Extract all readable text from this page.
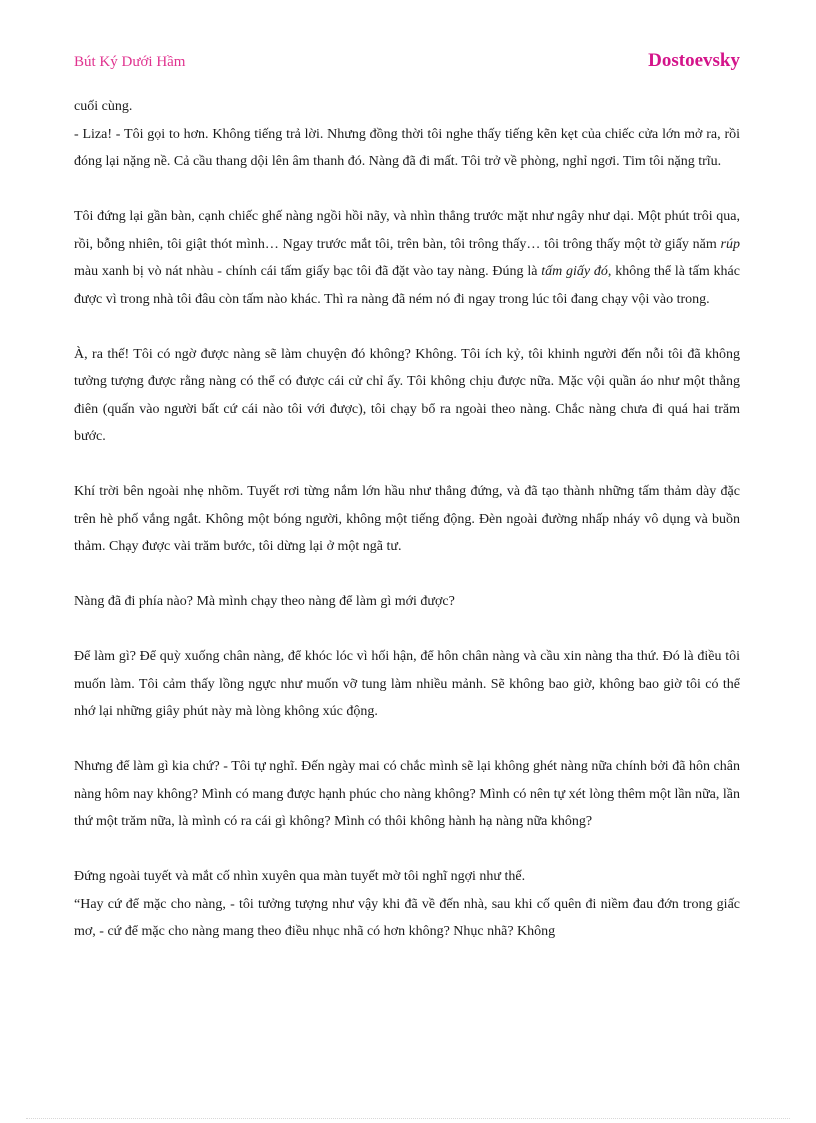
Bút Ký Dưới Hầm	Dostoevsky

cuối cùng.

- Liza! - Tôi gọi to hơn. Không tiếng trả lời. Nhưng đồng thời tôi nghe thấy tiếng kẽn kẹt của chiếc cửa lớn mở ra, rồi đóng lại nặng nề. Cả cầu thang dội lên âm thanh đó. Nàng đã đi mất. Tôi trở về phòng, nghỉ ngơi. Tim tôi nặng trĩu.

Tôi đứng lại gần bàn, cạnh chiếc ghế nàng ngồi hồi nãy, và nhìn thẳng trước mặt như ngây như dại. Một phút trôi qua, rồi, bỗng nhiên, tôi giật thót mình… Ngay trước mắt tôi, trên bàn, tôi trông thấy… tôi trông thấy một tờ giấy năm rúp màu xanh bị vò nát nhàu - chính cái tấm giấy bạc tôi đã đặt vào tay nàng. Đúng là tấm giấy đó, không thể là tấm khác được vì trong nhà tôi đâu còn tấm nào khác. Thì ra nàng đã ném nó đi ngay trong lúc tôi đang chạy vội vào trong.

À, ra thế! Tôi có ngờ được nàng sẽ làm chuyện đó không? Không. Tôi ích kỷ, tôi khinh người đến nỗi tôi đã không tưởng tượng được rằng nàng có thể có được cái cử chỉ ấy. Tôi không chịu được nữa. Mặc vội quần áo như một thằng điên (quấn vào người bất cứ cái nào tôi với được), tôi chạy bổ ra ngoài theo nàng. Chắc nàng chưa đi quá hai trăm bước.

Khí trời bên ngoài nhẹ nhõm. Tuyết rơi từng nắm lớn hầu như thẳng đứng, và đã tạo thành những tấm thảm dày đặc trên hè phố vắng ngắt. Không một bóng người, không một tiếng động. Đèn ngoài đường nhấp nháy vô dụng và buồn thảm. Chạy được vài trăm bước, tôi dừng lại ở một ngã tư.

Nàng đã đi phía nào? Mà mình chạy theo nàng để làm gì mới được?

Để làm gì? Để quỳ xuống chân nàng, để khóc lóc vì hối hận, để hôn chân nàng và cầu xin nàng tha thứ. Đó là điều tôi muốn làm. Tôi cảm thấy lồng ngực như muốn vỡ tung làm nhiều mảnh. Sẽ không bao giờ, không bao giờ tôi có thể nhớ lại những giây phút này mà lòng không xúc động.

Nhưng để làm gì kia chứ? - Tôi tự nghĩ. Đến ngày mai có chắc mình sẽ lại không ghét nàng nữa chính bởi đã hôn chân nàng hôm nay không? Mình có mang được hạnh phúc cho nàng không? Mình có nên tự xét lòng thêm một lần nữa, lần thứ một trăm nữa, là mình có ra cái gì không? Mình có thôi không hành hạ nàng nữa không?

Đứng ngoài tuyết và mắt cố nhìn xuyên qua màn tuyết mờ tôi nghĩ ngợi như thế.

“Hay cứ để mặc cho nàng, - tôi tưởng tượng như vậy khi đã về đến nhà, sau khi cố quên đi niềm đau đớn trong giấc mơ, - cứ để mặc cho nàng mang theo điều nhục nhã có hơn không? Nhục nhã? Không
